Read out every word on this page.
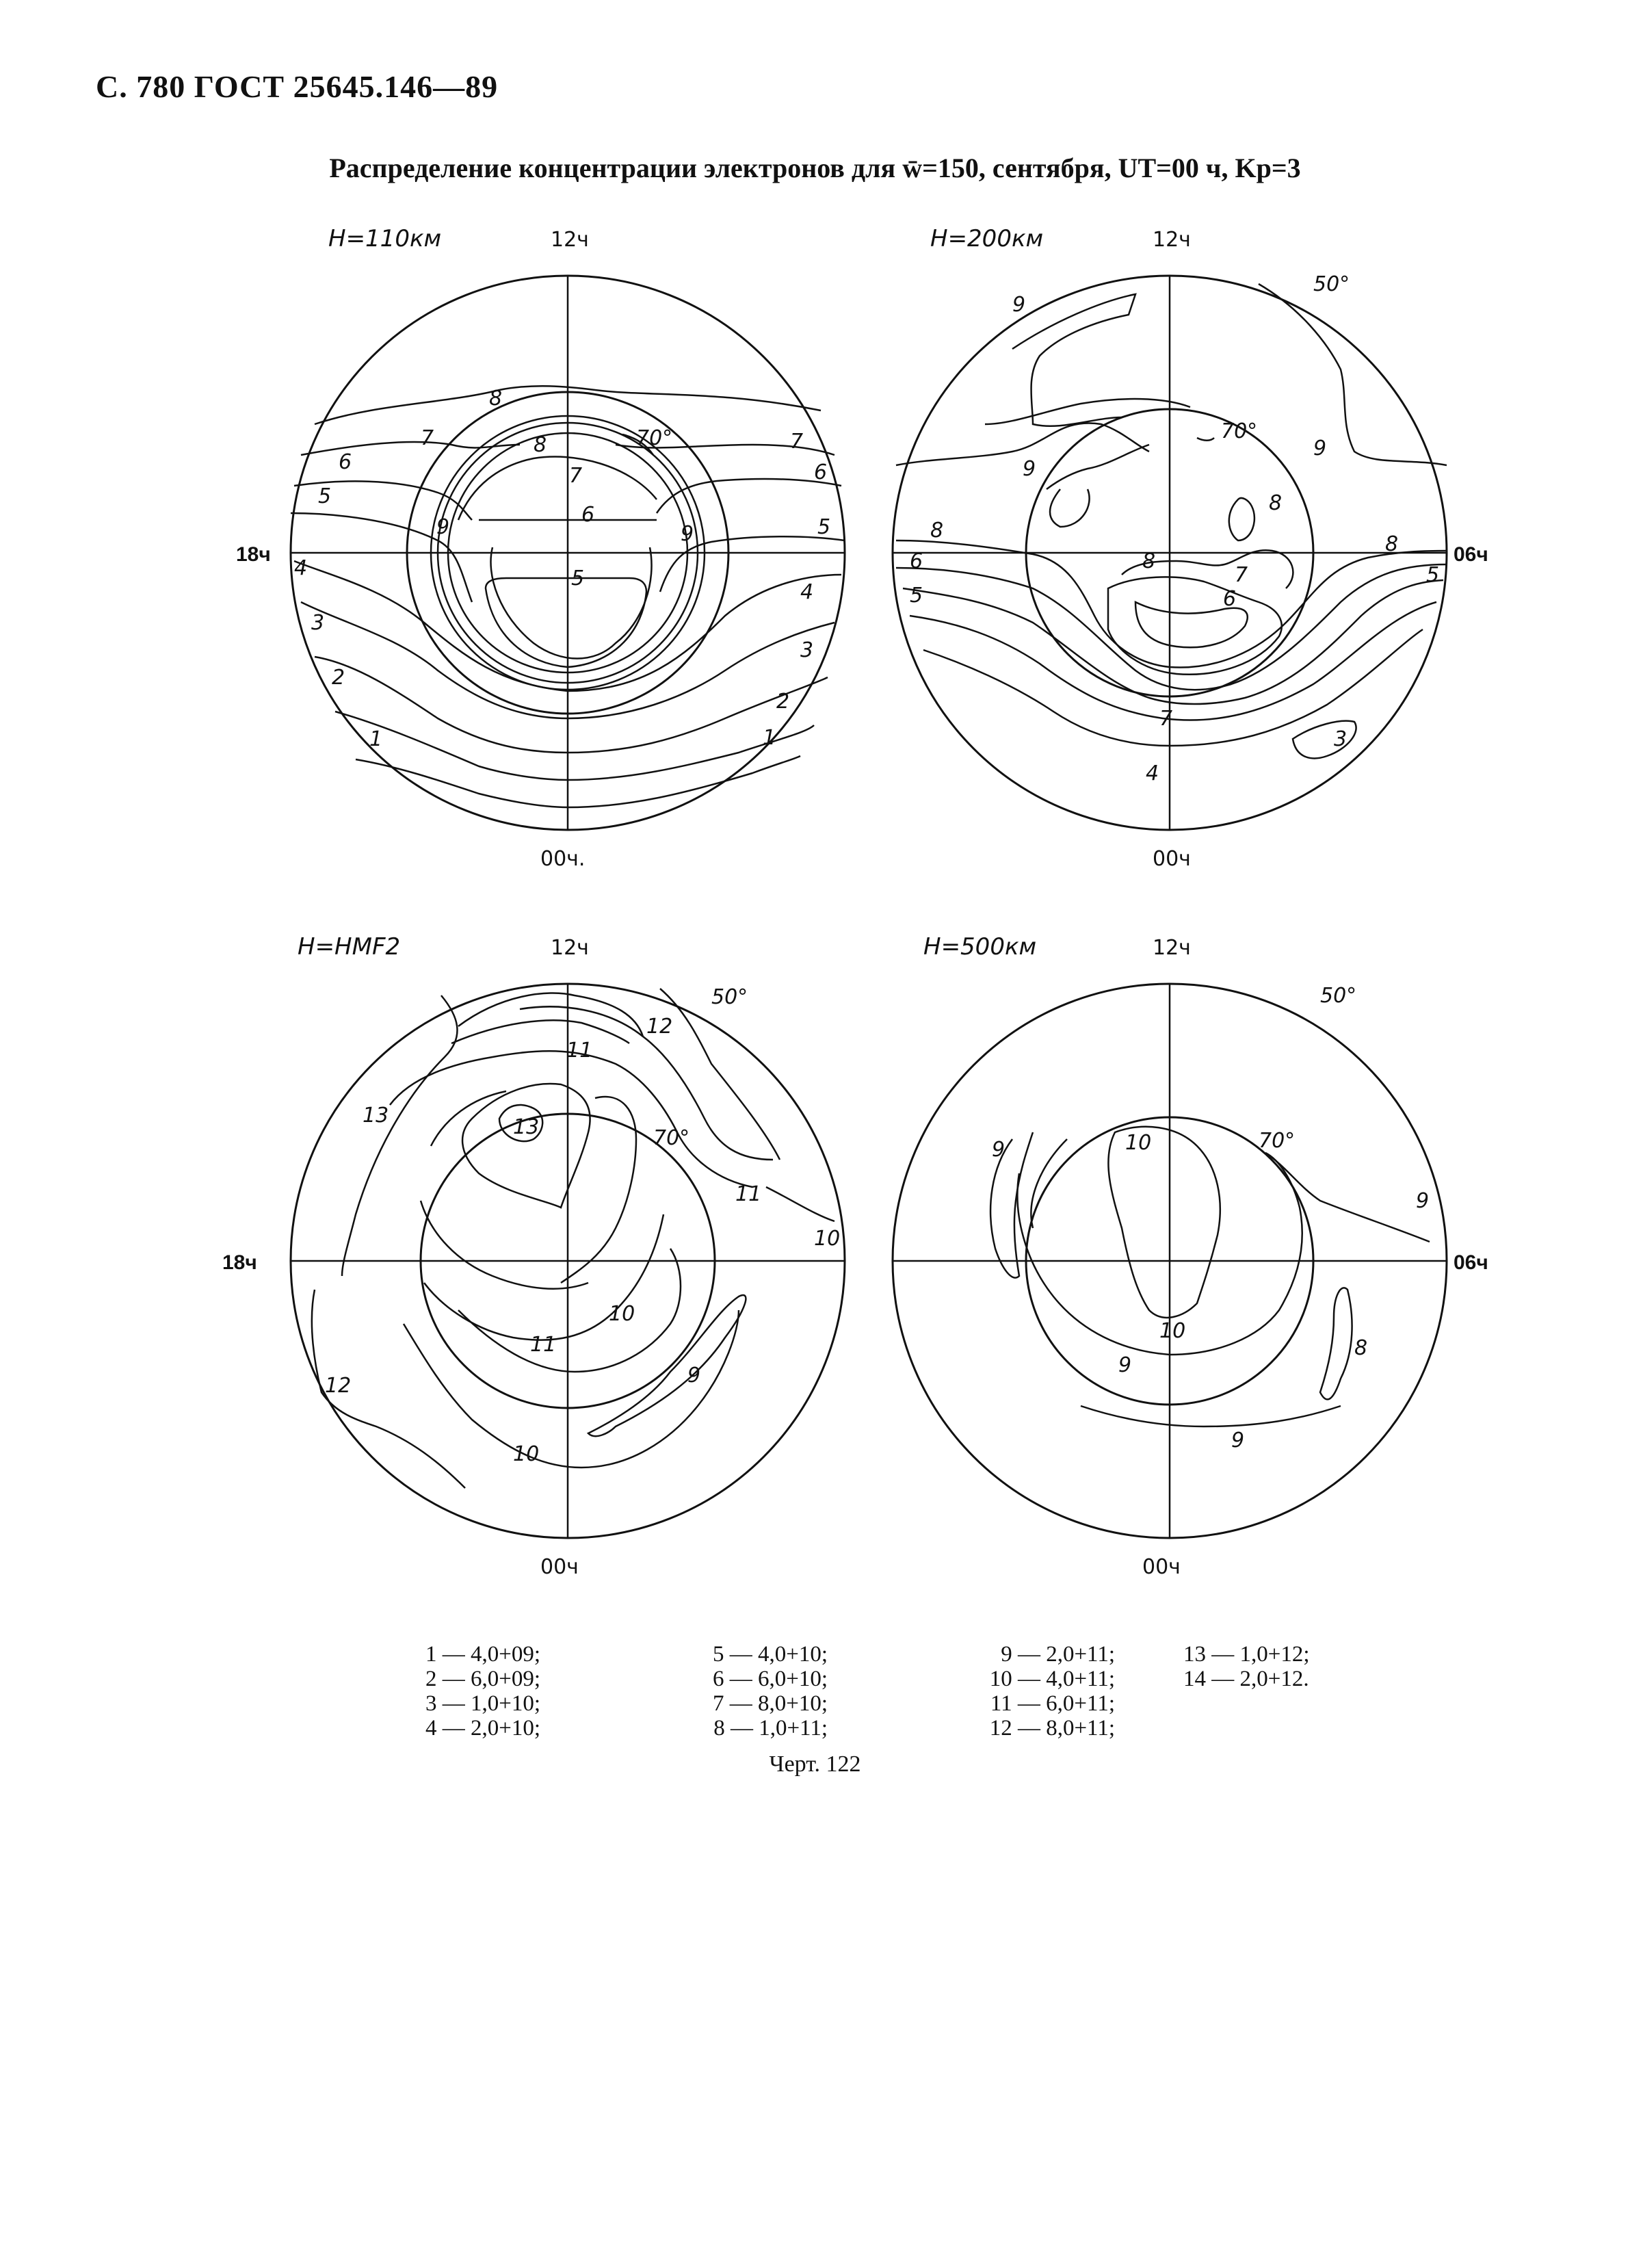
С. 780 ГОСТ 25645.146—89
Распределение концентрации электронов для w̄=150, сентября, UT=00 ч, Kp=3
H=110км	12ч
00ч.
18ч
70°
1	1
2
2
3
3
4
4
5
5
5
6	6
6
7	7
7
8
8
9	9
H=200км	12ч
00ч
06ч
50°
70°
9
9
9
8
8
8
8
7
7
6
6
5
5
4
3
H=HMF2	12ч
00ч
18ч
50°
70°
13	13
12
12
11
11
11
10
10
10
9
H=500км	12ч
00ч
06ч
50°
70°
9
9
9
9
10
10
8
1 — 4,0+09;
2 — 6,0+09;
3 — 1,0+10;
4 — 2,0+10;
5 — 4,0+10;
6 — 6,0+10;
7 — 8,0+10;
8 — 1,0+11;
9 — 2,0+11;
10 — 4,0+11;
11 — 6,0+11;
12 — 8,0+11;
13 — 1,0+12;
14 — 2,0+12.
Черт. 122
